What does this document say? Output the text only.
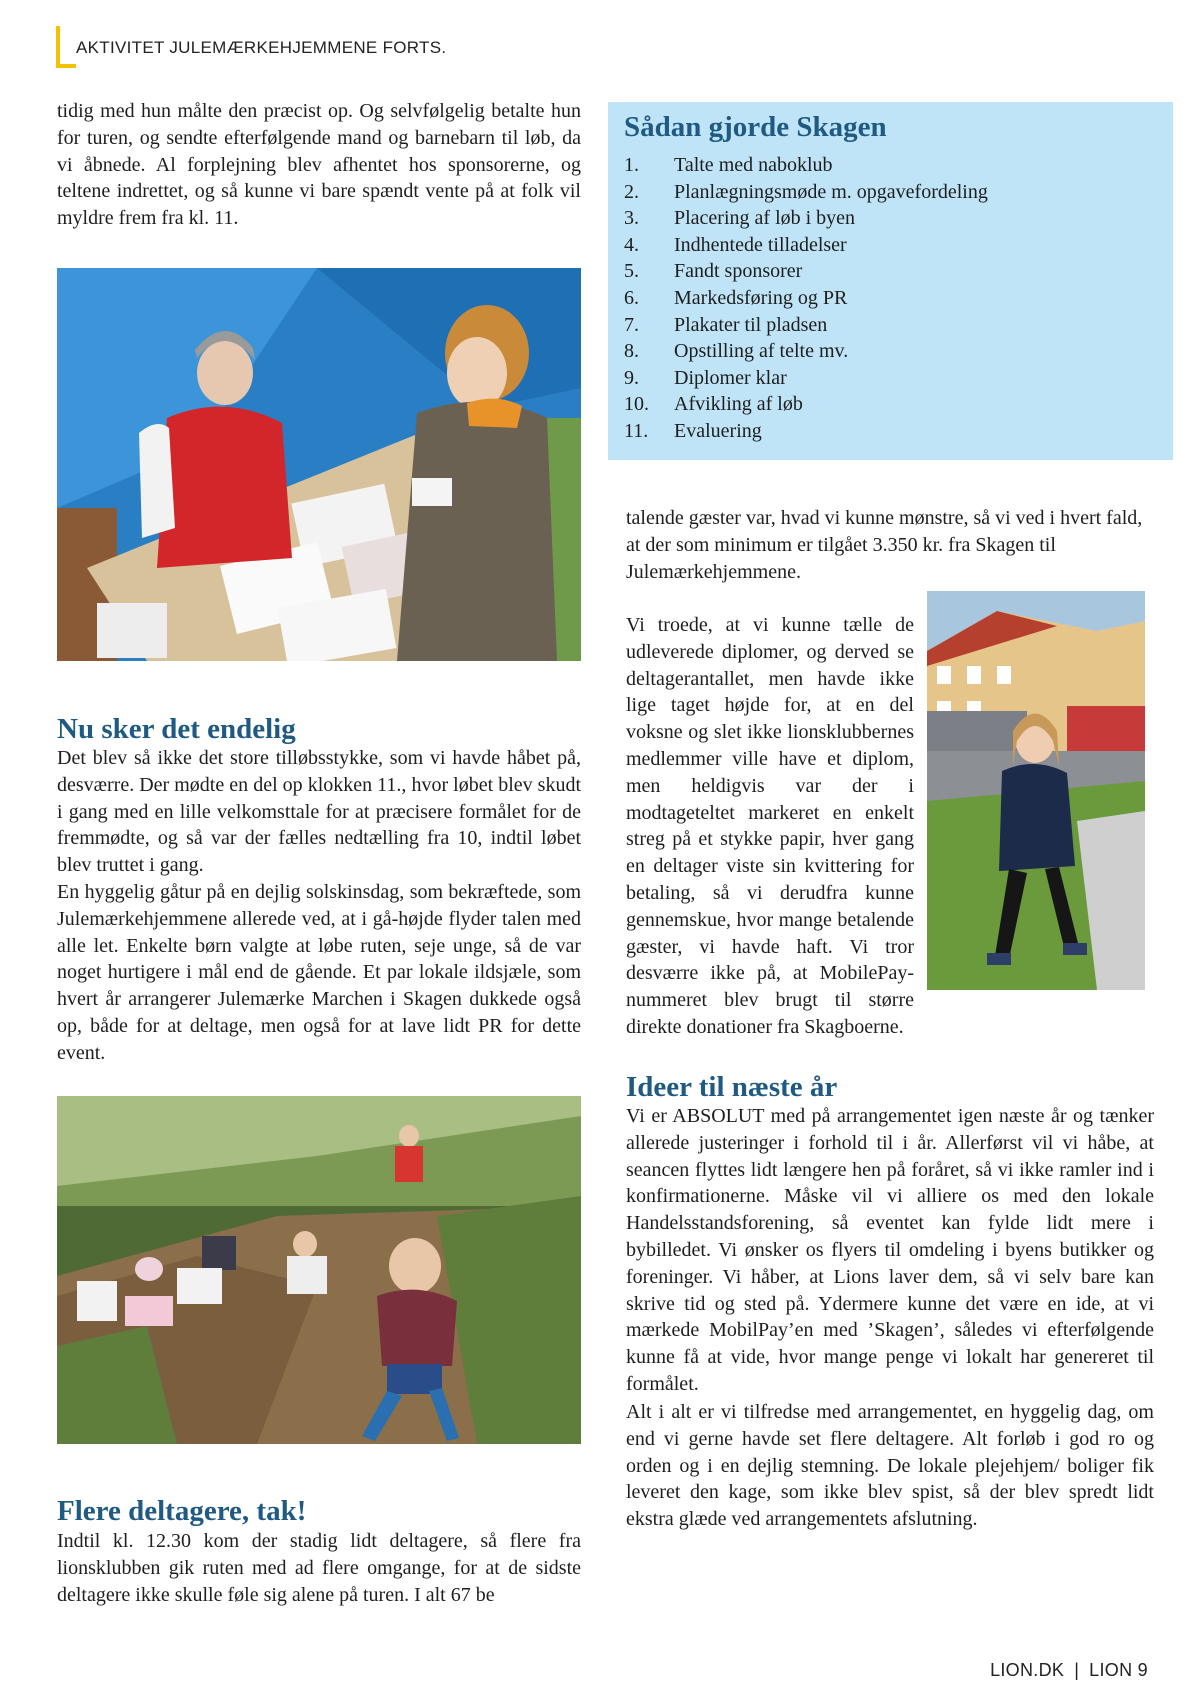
AKTIVITET JULEMÆRKEHJEMMENE FORTS.

tidig med hun målte den præcist op. Og selvfølgelig betalte hun for turen, og sendte efterfølgende mand og barnebarn til løb, da vi åbnede. Al forplejning blev afhentet hos sponsorerne, og teltene indrettet, og så kunne vi bare spændt vente på at folk vil myldre frem fra kl. 11.

Nu sker det endelig

Det blev så ikke det store tilløbsstykke, som vi havde håbet på, desværre. Der mødte en del op klokken 11., hvor løbet blev skudt i gang med en lille velkomsttale for at præcisere formålet for de fremmødte, og så var der fælles nedtælling fra 10, indtil løbet blev truttet i gang.

En hyggelig gåtur på en dejlig solskinsdag, som bekræftede, som Julemærkehjemmene allerede ved, at i gå-højde flyder talen med alle let. Enkelte børn valgte at løbe ruten, seje unge, så de var noget hurtigere i mål end de gående. Et par lokale ildsjæle, som hvert år arrangerer Julemærke Marchen i Skagen dukkede også op, både for at deltage, men også for at lave lidt PR for dette event.

Flere deltagere, tak!

Indtil kl. 12.30 kom der stadig lidt deltagere, så flere fra lionsklubben gik ruten med ad flere omgange, for at de sidste deltagere ikke skulle føle sig alene på turen. I alt 67 be

Sådan gjorde Skagen
1.	Talte med naboklub
2.	Planlægningsmøde m. opgavefordeling
3.	Placering af løb i byen
4.	Indhentede tilladelser
5.	Fandt sponsorer
6.	Markedsføring og PR
7.	Plakater til pladsen
8.	Opstilling af telte mv.
9.	Diplomer klar
10.	Afvikling af løb
11.	Evaluering

talende gæster var, hvad vi kunne mønstre, så vi ved i hvert fald, at der som minimum er tilgået 3.350 kr. fra Skagen til Julemærkehjemmene.

Vi troede, at vi kunne tælle de udleverede diplomer, og derved se deltagerantallet, men havde ikke lige taget højde for, at en del voksne og slet ikke lionsklubbernes medlemmer ville have et diplom, men heldigvis var der i modtageteltet markeret en enkelt streg på et stykke papir, hver gang en deltager viste sin kvittering for betaling, så vi derudfra kunne gennemskue, hvor mange betalende gæster, vi havde haft. Vi tror desværre ikke på, at MobilePay-nummeret blev brugt til større direkte donationer fra Skagboerne.

Ideer til næste år

Vi er ABSOLUT med på arrangementet igen næste år og tænker allerede justeringer i forhold til i år. Allerførst vil vi håbe, at seancen flyttes lidt længere hen på foråret, så vi ikke ramler ind i konfirmationerne. Måske vil vi alliere os med den lokale Handelsstandsforening, så eventet kan fylde lidt mere i bybilledet. Vi ønsker os flyers til omdeling i byens butikker og foreninger. Vi håber, at Lions laver dem, så vi selv bare kan skrive tid og sted på. Ydermere kunne det være en ide, at vi mærkede MobilPay’en med ’Skagen’, således vi efterfølgende kunne få at vide, hvor mange penge vi lokalt har genereret til formålet.

Alt i alt er vi tilfredse med arrangementet, en hyggelig dag, om end vi gerne havde set flere deltagere. Alt forløb i god ro og orden og i en dejlig stemning. De lokale plejehjem/ boliger fik leveret den kage, som ikke blev spist, så der blev spredt lidt ekstra glæde ved arrangementets afslutning.

LION.DK | LION 9
